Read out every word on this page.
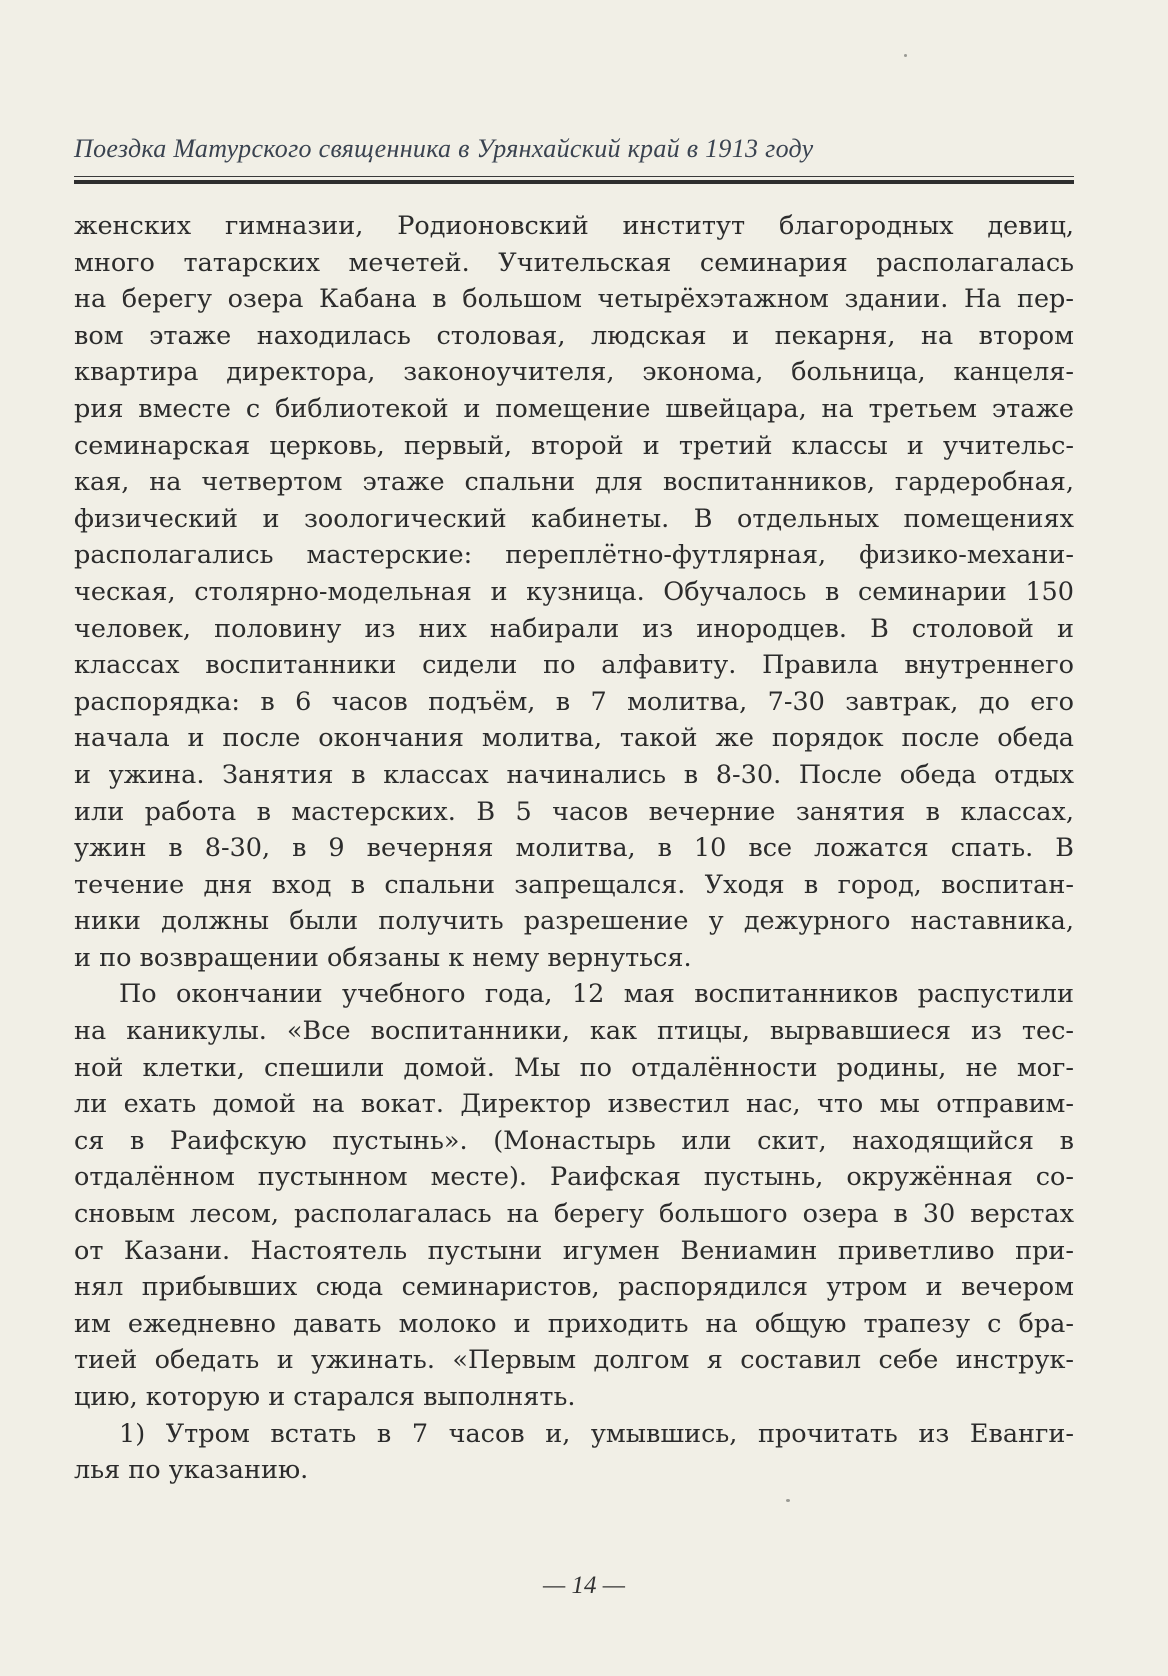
Поездка Матурского священника в Урянхайский край в 1913 году

женских гимназии, Родионовский институт благородных девиц,

много татарских мечетей. Учительская семинария располагалась

на берегу озера Кабана в большом четырёхэтажном здании. На пер-

вом этаже находилась столовая, людская и пекарня, на втором

квартира директора, законоучителя, эконома, больница, канцеля-

рия вместе с библиотекой и помещение швейцара, на третьем этаже

семинарская церковь, первый, второй и третий классы и учительс-

кая, на четвертом этаже спальни для воспитанников, гардеробная,

физический и зоологический кабинеты. В отдельных помещениях

располагались мастерские: переплётно-футлярная, физико-механи-

ческая, столярно-модельная и кузница. Обучалось в семинарии 150

человек, половину из них набирали из инородцев. В столовой и

классах воспитанники сидели по алфавиту. Правила внутреннего

распорядка: в 6 часов подъём, в 7 молитва, 7-30 завтрак, до его

начала и после окончания молитва, такой же порядок после обеда

и ужина. Занятия в классах начинались в 8-30. После обеда отдых

или работа в мастерских. В 5 часов вечерние занятия в классах,

ужин в 8-30, в 9 вечерняя молитва, в 10 все ложатся спать. В

течение дня вход в спальни запрещался. Уходя в город, воспитан-

ники должны были получить разрешение у дежурного наставника,

и по возвращении обязаны к нему вернуться.

По окончании учебного года, 12 мая воспитанников распустили

на каникулы. «Все воспитанники, как птицы, вырвавшиеся из тес-

ной клетки, спешили домой. Мы по отдалённости родины, не мог-

ли ехать домой на вокат. Директор известил нас, что мы отправим-

ся в Раифскую пустынь». (Монастырь или скит, находящийся в

отдалённом пустынном месте). Раифская пустынь, окружённая со-

сновым лесом, располагалась на берегу большого озера в 30 верстах

от Казани. Настоятель пустыни игумен Вениамин приветливо при-

нял прибывших сюда семинаристов, распорядился утром и вечером

им ежедневно давать молоко и приходить на общую трапезу с бра-

тией обедать и ужинать. «Первым долгом я составил себе инструк-

цию, которую и старался выполнять.

1) Утром встать в 7 часов и, умывшись, прочитать из Еванги-

лья по указанию.

— 14 —
